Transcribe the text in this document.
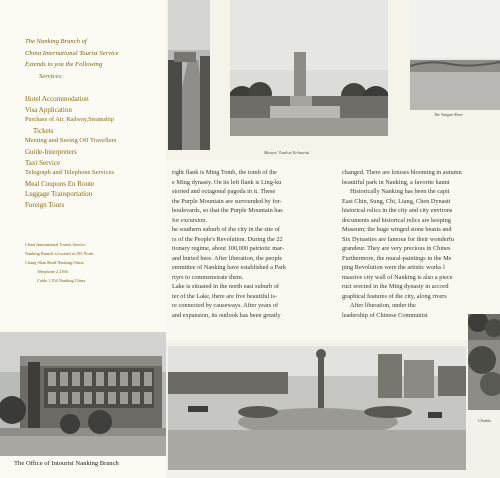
The Nanking Branch of
China International Tourist Service
Extends to you the Following
Services:
Hotel Accommodation
Visa Application
Purchase of Air, Railway,Steamship
Tickets
Meeting and Seeing Off Travellers
Guide-Interpreters
Taxi Service
Telegraph and Telephone Services
Meal Coupons En Route
Luggage Transportation
Foreign Tours
China International Tourist Service
Nanking Branch is located at 293 North
Chung Shan Road Nanking,China
Telephone 2 2166
Cable 1 354 Nanking China
The Office of Intourist Nanking Branch
Martyrs' Tomb at Yu-hua-tai
The Yangtze River
right flank is Ming Tomb, the tomb of the
e Ming dynasty. On its left flank is Ling-ku
storied and octagonal pagoda in it. These
the Purple Mountain are surrounded by for-
boulevards, so that the Purple Mountain has
for excursion.
he southern suburb of the city in the site of
rs of the People's Revolution. During the 22
tionary regime, about 100,000 patriotic mar-
and buried here. After liberation, the people
emmittee of Nanking have established a Park
rtyrs to commemorate them.
Lake is situated in the north east suburb of
ter of the Lake, there are five beautiful is-
re connected by causeways. After years of
and expansion, its outlook has been greatly
changed. There are lotuses blooming in autumn
beautiful park in Nanking, a favorite haunt
Historically Nanking has been the capit
East Chin, Sung, Chi, Liang, Chen Dynasti
historical relics in the city and city environs
documents and historical relics are keeping
Museum; the huge winged stone beasts and
Six Dynasties are famous for their wonderfu
grandeur. They are very precious in Chines
Furthermore, the mural-paintings in the Me
ping Revolution were the artistic works l
massive city wall of Nanking is also a piece
ruct erected in the Ming dynasty in accord
graphical features of the city, along rivers
After liberation, under the
leadership of Chinese Communist
Climbin
